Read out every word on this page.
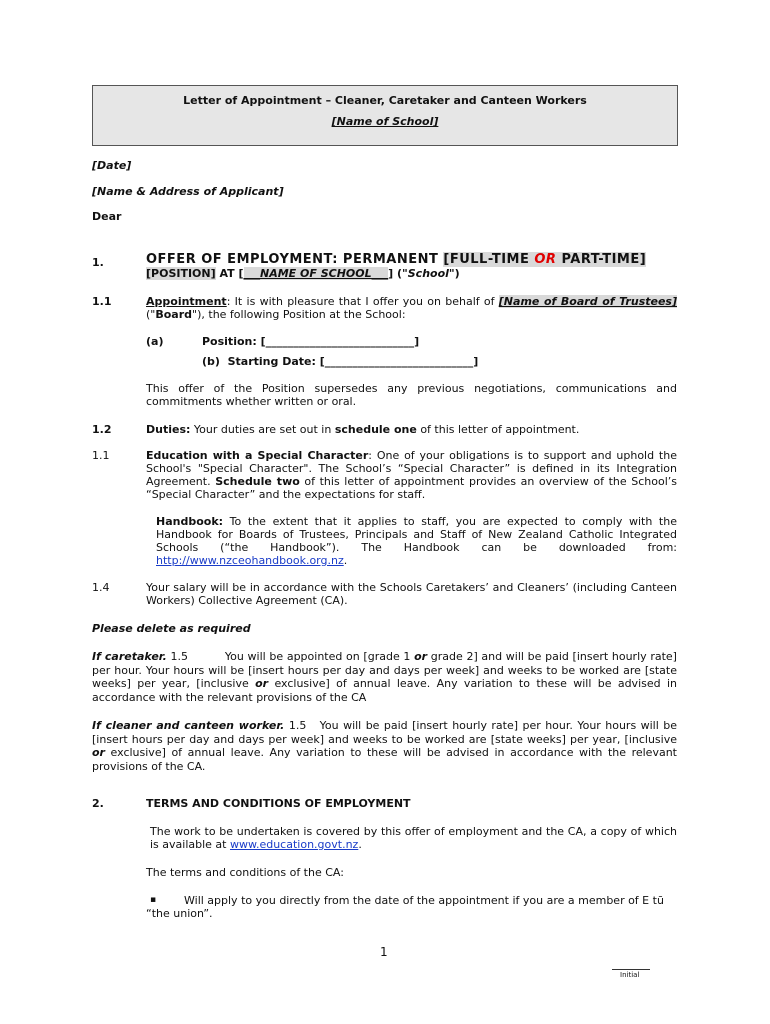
Letter of Appointment – Cleaner, Caretaker and Canteen Workers
[Name of School]
[Date]
[Name & Address of Applicant]
Dear
1.	OFFER OF EMPLOYMENT: PERMANENT [FULL-TIME OR PART-TIME]
[POSITION] AT [___NAME OF SCHOOL___] ("School")
1.1	Appointment: It is with pleasure that I offer you on behalf of [Name of Board of Trustees] ("Board"), the following Position at the School:
(a)	Position: [___________________________]
(b) Starting Date: [___________________________]
This offer of the Position supersedes any previous negotiations, communications and commitments whether written or oral.
1.2	Duties: Your duties are set out in schedule one of this letter of appointment.
1.1	Education with a Special Character: One of your obligations is to support and uphold the School's "Special Character". The School’s “Special Character” is defined in its Integration Agreement. Schedule two of this letter of appointment provides an overview of the School’s “Special Character” and the expectations for staff.
Handbook: To the extent that it applies to staff, you are expected to comply with the Handbook for Boards of Trustees, Principals and Staff of New Zealand Catholic Integrated Schools (“the Handbook”). The Handbook can be downloaded from: http://www.nzceohandbook.org.nz.
1.4	Your salary will be in accordance with the Schools Caretakers’ and Cleaners’ (including Canteen Workers) Collective Agreement (CA).
Please delete as required
If caretaker. 1.5	You will be appointed on [grade 1 or grade 2] and will be paid [insert hourly rate] per hour. Your hours will be [insert hours per day and days per week] and weeks to be worked are [state weeks] per year, [inclusive or exclusive] of annual leave. Any variation to these will be advised in accordance with the relevant provisions of the CA
If cleaner and canteen worker. 1.5 You will be paid [insert hourly rate] per hour. Your hours will be [insert hours per day and days per week] and weeks to be worked are [state weeks] per year, [inclusive or exclusive] of annual leave. Any variation to these will be advised in accordance with the relevant provisions of the CA.
2.	TERMS AND CONDITIONS OF EMPLOYMENT
The work to be undertaken is covered by this offer of employment and the CA, a copy of which is available at www.education.govt.nz.
The terms and conditions of the CA:
▪	Will apply to you directly from the date of the appointment if you are a member of E tū “the union”.
1
Initial
